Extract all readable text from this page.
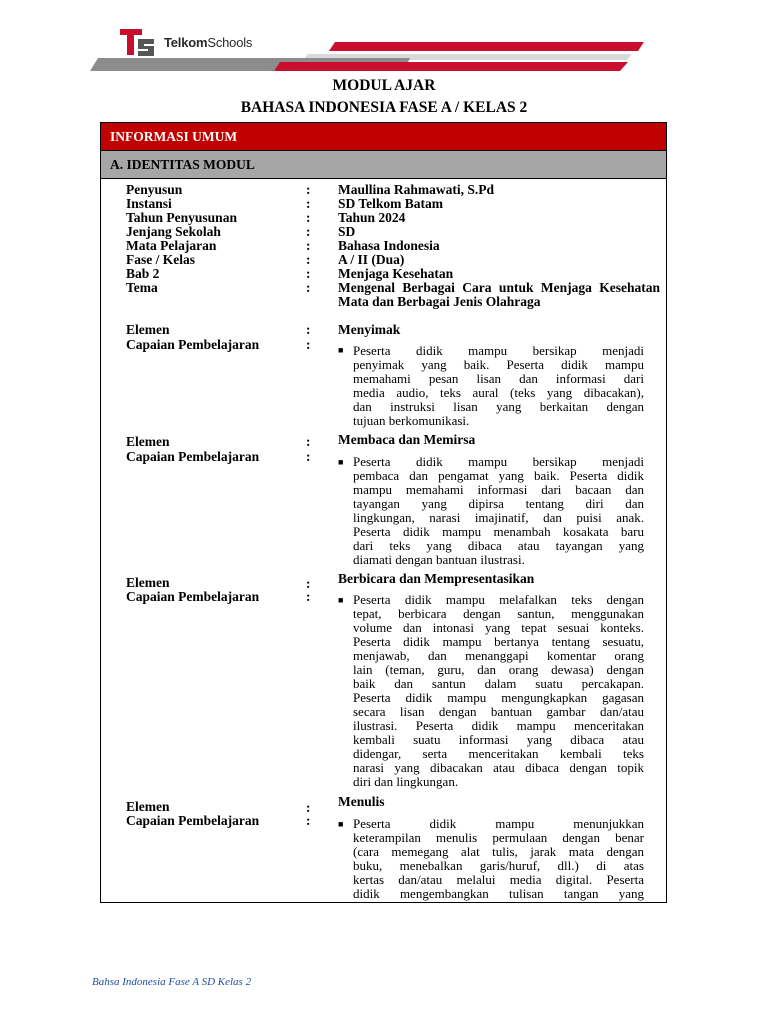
TelkomSchools
MODUL AJAR
BAHASA INDONESIA FASE A / KELAS 2
INFORMASI UMUM
A. IDENTITAS MODUL
Penyusun	: Maullina Rahmawati, S.Pd
Instansi	: SD Telkom Batam
Tahun Penyusunan	: Tahun 2024
Jenjang Sekolah	: SD
Mata Pelajaran	: Bahasa Indonesia
Fase / Kelas	: A / II (Dua)
Bab 2	: Menjaga Kesehatan
Tema	: Mengenal Berbagai Cara untuk Menjaga Kesehatan Mata dan Berbagai Jenis Olahraga
Elemen	: Menyimak
Capaian Pembelajaran	:	■ Peserta didik mampu bersikap menjadi
penyimak yang baik. Peserta didik mampu
memahami pesan lisan dan informasi dari
media audio, teks aural (teks yang dibacakan),
dan instruksi lisan yang berkaitan dengan
tujuan berkomunikasi.
Elemen	: Membaca dan Memirsa
Capaian Pembelajaran	:	■ Peserta didik mampu bersikap menjadi
pembaca dan pengamat yang baik. Peserta didik
mampu memahami informasi dari bacaan dan
tayangan yang dipirsa tentang diri dan
lingkungan, narasi imajinatif, dan puisi anak.
Peserta didik mampu menambah kosakata baru
dari teks yang dibaca atau tayangan yang
diamati dengan bantuan ilustrasi.
Elemen	: Berbicara dan Mempresentasikan
Capaian Pembelajaran	:	■ Peserta didik mampu melafalkan teks dengan
tepat, berbicara dengan santun, menggunakan
volume dan intonasi yang tepat sesuai konteks.
Peserta didik mampu bertanya tentang sesuatu,
menjawab, dan menanggapi komentar orang
lain (teman, guru, dan orang dewasa) dengan
baik dan santun dalam suatu percakapan.
Peserta didik mampu mengungkapkan gagasan
secara lisan dengan bantuan gambar dan/atau
ilustrasi. Peserta didik mampu menceritakan
kembali suatu informasi yang dibaca atau
didengar, serta menceritakan kembali teks
narasi yang dibacakan atau dibaca dengan topik
diri dan lingkungan.
Elemen	: Menulis
Capaian Pembelajaran	:	■ Peserta didik mampu menunjukkan
keterampilan menulis permulaan dengan benar
(cara memegang alat tulis, jarak mata dengan
buku, menebalkan garis/huruf, dll.) di atas
kertas dan/atau melalui media digital. Peserta
didik mengembangkan tulisan tangan yang
Bahsa Indonesia Fase A SD Kelas 2
